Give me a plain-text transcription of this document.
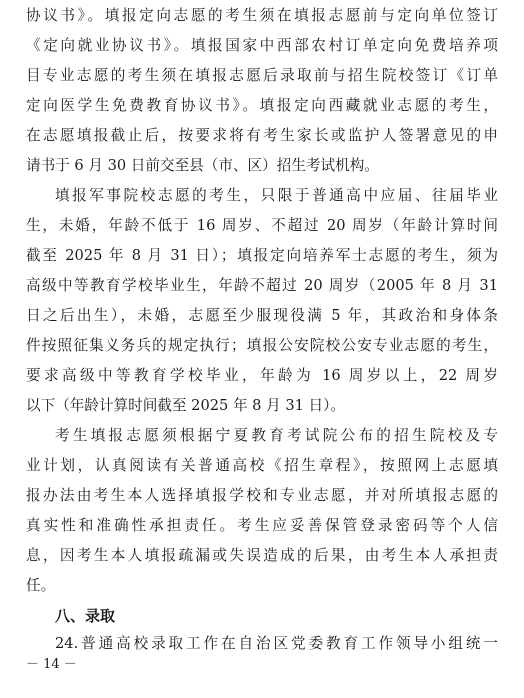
协议书》。填报定向志愿的考生须在填报志愿前与定向单位签订
《定向就业协议书》。填报国家中西部农村订单定向免费培养项
目专业志愿的考生须在填报志愿后录取前与招生院校签订《订单
定向医学生免费教育协议书》。填报定向西藏就业志愿的考生，
在志愿填报截止后，按要求将有考生家长或监护人签署意见的申
请书于 6 月 30 日前交至县（市、区）招生考试机构。
填报军事院校志愿的考生，只限于普通高中应届、往届毕业
生，未婚，年龄不低于 16 周岁、不超过 20 周岁（年龄计算时间
截至 2025 年 8 月 31 日）；填报定向培养军士志愿的考生，须为
高级中等教育学校毕业生，年龄不超过 20 周岁（2005 年 8 月 31
日之后出生），未婚，志愿至少服现役满 5 年，其政治和身体条
件按照征集义务兵的规定执行；填报公安院校公安专业志愿的考生，
要求高级中等教育学校毕业，年龄为 16 周岁以上，22 周岁
以下（年龄计算时间截至 2025 年 8 月 31 日）。
考生填报志愿须根据宁夏教育考试院公布的招生院校及专
业计划，认真阅读有关普通高校《招生章程》，按照网上志愿填
报办法由考生本人选择填报学校和专业志愿，并对所填报志愿的
真实性和准确性承担责任。考生应妥善保管登录密码等个人信
息，因考生本人填报疏漏或失误造成的后果，由考生本人承担责
任。
八、录取
24.普通高校录取工作在自治区党委教育工作领导小组统一
－ 14 －
